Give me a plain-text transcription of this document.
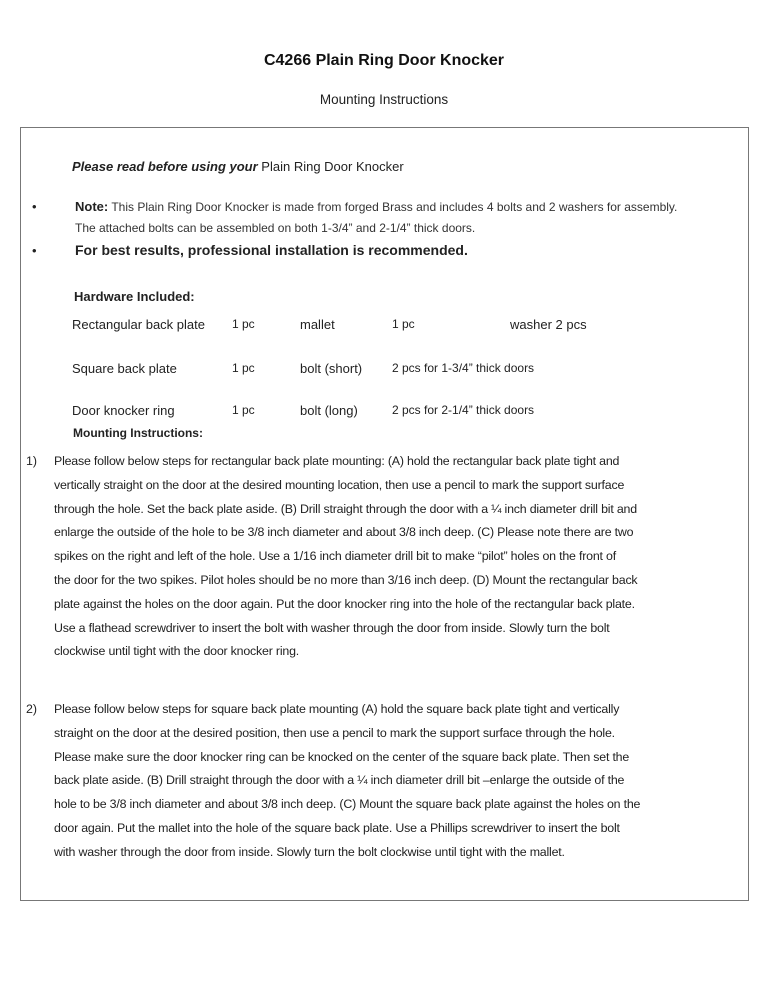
C4266 Plain Ring Door Knocker
Mounting Instructions
Please read before using your Plain Ring Door Knocker
•	Note: This Plain Ring Door Knocker is made from forged Brass and includes 4 bolts and 2 washers for assembly.
The attached bolts can be assembled on both 1-3/4” and 2-1/4” thick doors.
•	For best results, professional installation is recommended.
Hardware Included:
Rectangular back plate 1 pc	mallet	1 pc	washer 2 pcs
Square back plate	1 pc	bolt (short) 2 pcs for 1-3/4” thick doors
Door knocker ring	1 pc	bolt (long)	2 pcs for 2-1/4” thick doors
Mounting Instructions:
1) Please follow below steps for rectangular back plate mounting: (A) hold the rectangular back plate tight and
vertically straight on the door at the desired mounting location, then use a pencil to mark the support surface
through the hole. Set the back plate aside. (B) Drill straight through the door with a ¼ inch diameter drill bit and
enlarge the outside of the hole to be 3/8 inch diameter and about 3/8 inch deep. (C) Please note there are two
spikes on the right and left of the hole. Use a 1/16 inch diameter drill bit to make “pilot” holes on the front of
the door for the two spikes. Pilot holes should be no more than 3/16 inch deep. (D) Mount the rectangular back
plate against the holes on the door again. Put the door knocker ring into the hole of the rectangular back plate.
Use a flathead screwdriver to insert the bolt with washer through the door from inside. Slowly turn the bolt
clockwise until tight with the door knocker ring.
2) Please follow below steps for square back plate mounting (A) hold the square back plate tight and vertically
straight on the door at the desired position, then use a pencil to mark the support surface through the hole.
Please make sure the door knocker ring can be knocked on the center of the square back plate. Then set the
back plate aside. (B) Drill straight through the door with a ¼ inch diameter drill bit –enlarge the outside of the
hole to be 3/8 inch diameter and about 3/8 inch deep. (C) Mount the square back plate against the holes on the
door again. Put the mallet into the hole of the square back plate. Use a Phillips screwdriver to insert the bolt
with washer through the door from inside. Slowly turn the bolt clockwise until tight with the mallet.
